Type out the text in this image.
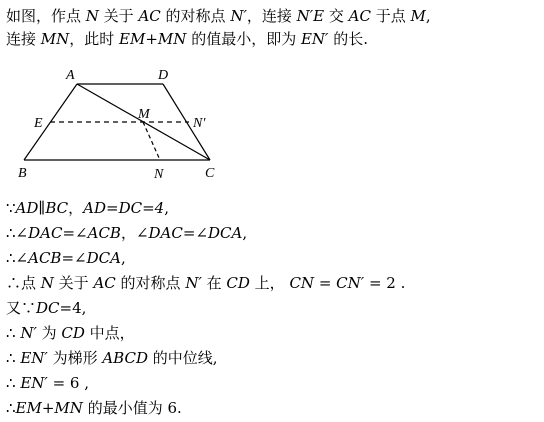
如图，作点 N 关于 AC 的对称点 N′，连接 N′E 交 AC 于点 M,
连接 MN，此时 EM+MN 的值最小，即为 EN′ 的长.
A	D
E
M
N′
B	N	C
∵AD∥BC，AD=DC=4,
∴∠DAC=∠ACB，∠DAC=∠DCA,
∴∠ACB=∠DCA,
∴点 N 关于 AC 的对称点 N′ 在 CD 上， CN = CN′ = 2 .
又∵DC=4,
∴ N′ 为 CD 中点，
∴ EN′ 为梯形 ABCD 的中位线,
∴ EN′ = 6 ,
∴EM+MN 的最小值为 6.
